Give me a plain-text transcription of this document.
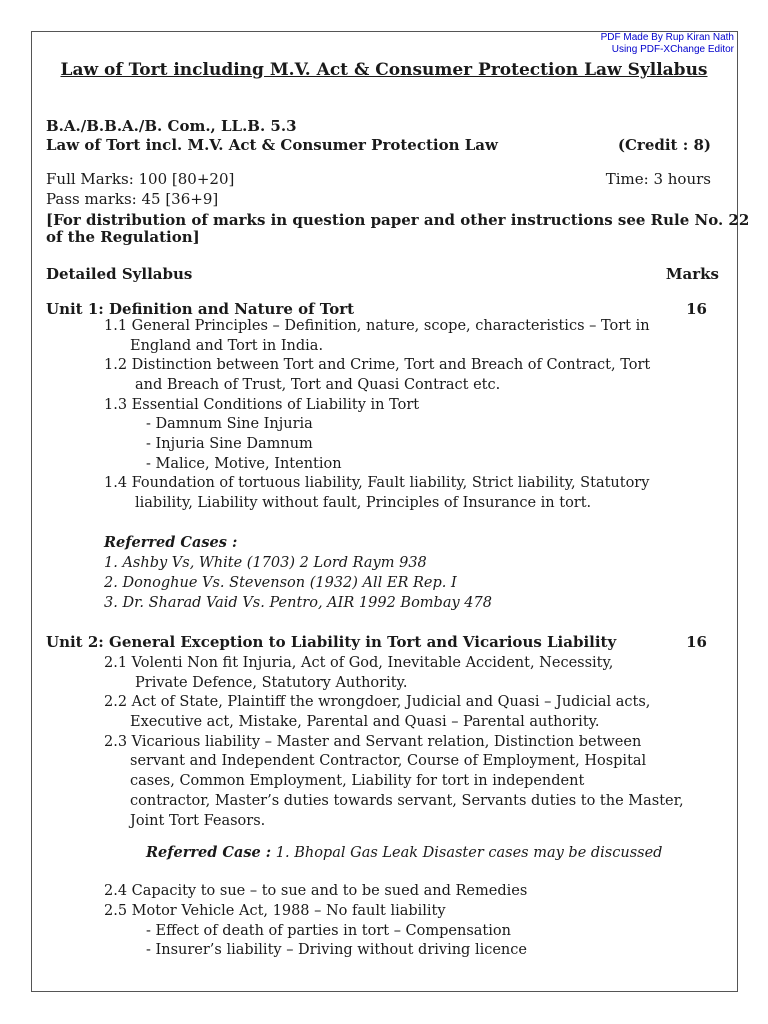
PDF Made By Rup Kiran Nath
Using PDF-XChange Editor
Law of Tort including M.V. Act & Consumer Protection Law Syllabus
B.A./B.B.A./B. Com., LL.B. 5.3
Law of Tort incl. M.V. Act & Consumer Protection Law	(Credit : 8)
Full Marks: 100 [80+20]	Time: 3 hours
Pass marks: 45 [36+9]
[For distribution of marks in question paper and other instructions see Rule No. 22
of the Regulation]
Detailed Syllabus	Marks
Unit 1: Definition and Nature of Tort	16
1.1 General Principles – Definition, nature, scope, characteristics – Tort in
England and Tort in India.
1.2 Distinction between Tort and Crime, Tort and Breach of Contract, Tort
and Breach of Trust, Tort and Quasi Contract etc.
1.3 Essential Conditions of Liability in Tort
- Damnum Sine Injuria
- Injuria Sine Damnum
- Malice, Motive, Intention
1.4 Foundation of tortuous liability, Fault liability, Strict liability, Statutory
liability, Liability without fault, Principles of Insurance in tort.
Referred Cases :
1. Ashby Vs, White (1703) 2 Lord Raym 938
2. Donoghue Vs. Stevenson (1932) All ER Rep. I
3. Dr. Sharad Vaid Vs. Pentro, AIR 1992 Bombay 478
Unit 2: General Exception to Liability in Tort and Vicarious Liability	16
2.1 Volenti Non fit Injuria, Act of God, Inevitable Accident, Necessity,
Private Defence, Statutory Authority.
2.2 Act of State, Plaintiff the wrongdoer, Judicial and Quasi – Judicial acts,
Executive act, Mistake, Parental and Quasi – Parental authority.
2.3 Vicarious liability – Master and Servant relation, Distinction between
servant and Independent Contractor, Course of Employment, Hospital
cases, Common Employment, Liability for tort in independent
contractor, Master’s duties towards servant, Servants duties to the Master,
Joint Tort Feasors.
Referred Case : 1. Bhopal Gas Leak Disaster cases may be discussed
2.4 Capacity to sue – to sue and to be sued and Remedies
2.5 Motor Vehicle Act, 1988 – No fault liability
- Effect of death of parties in tort – Compensation
- Insurer’s liability – Driving without driving licence
